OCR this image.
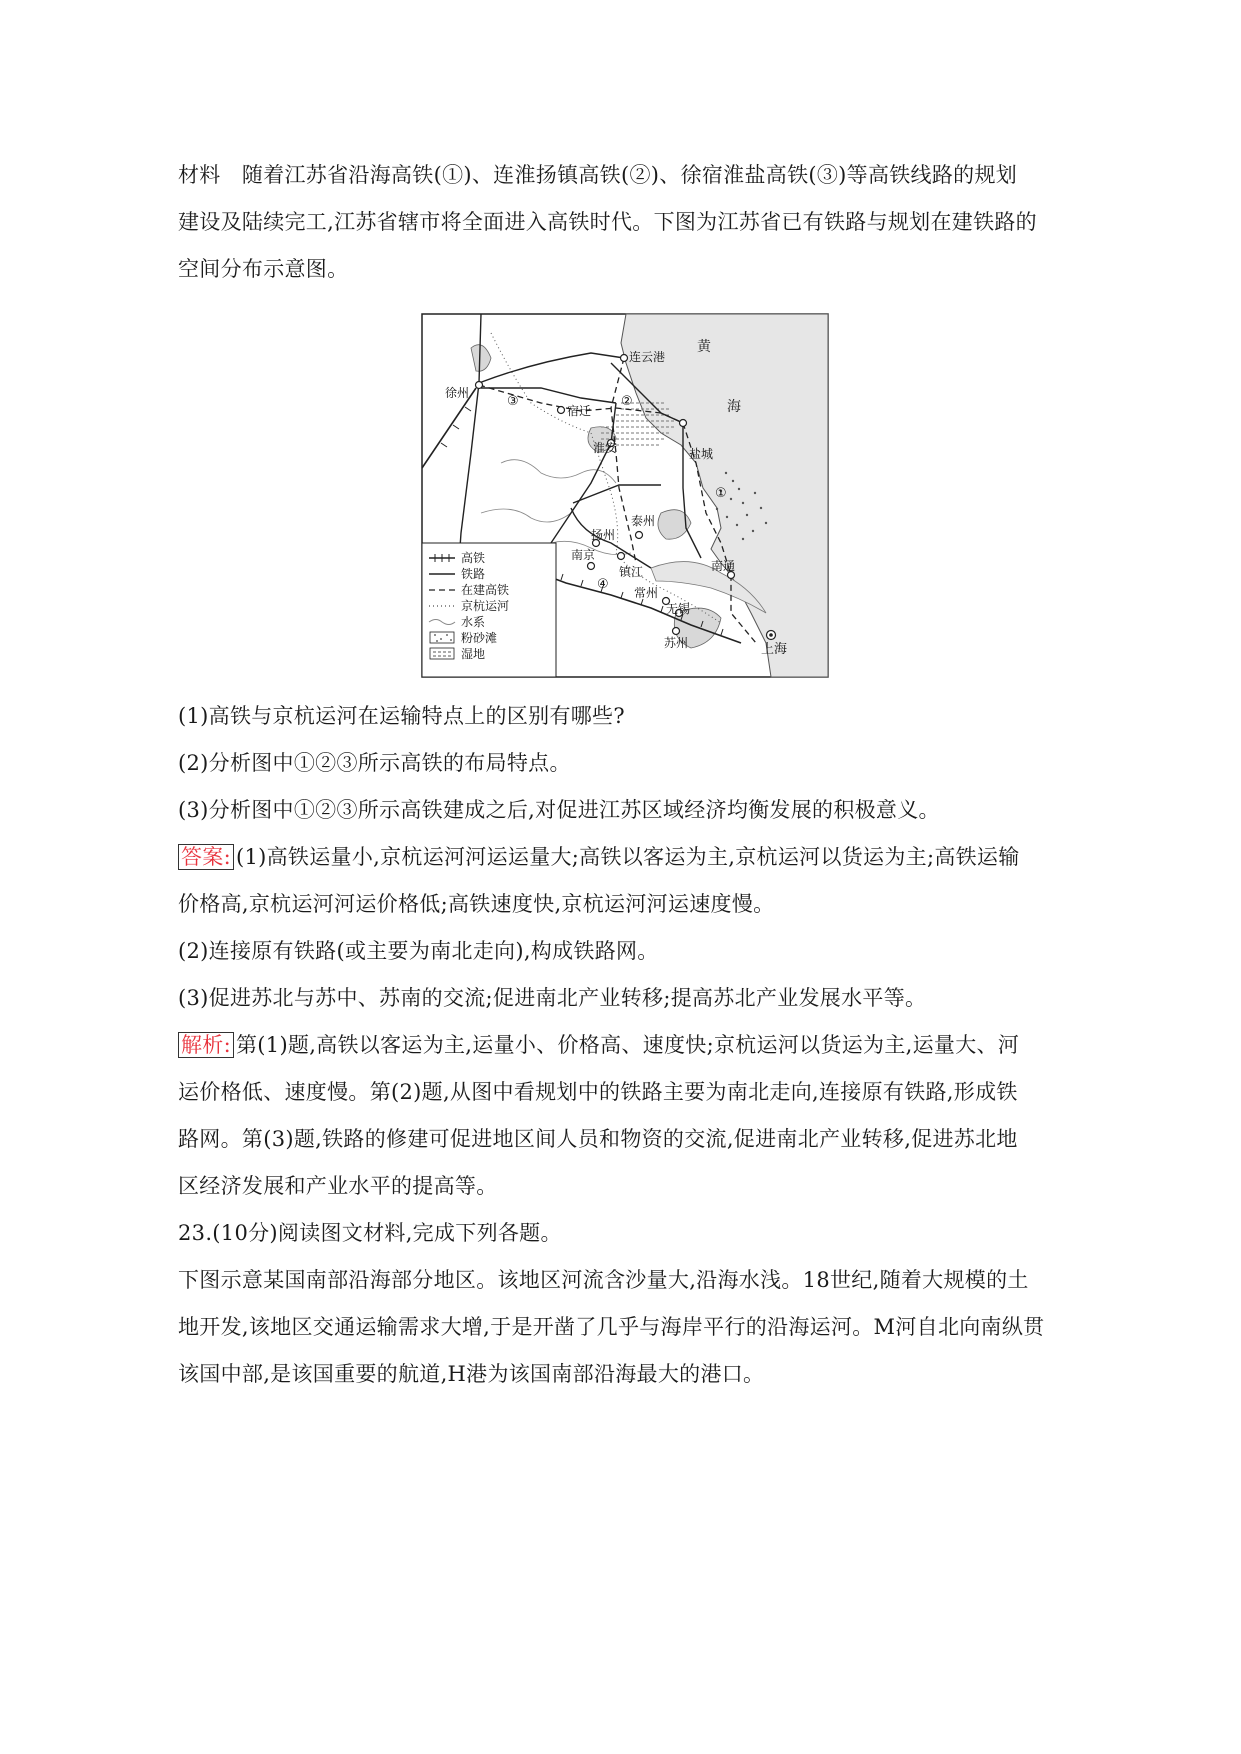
材料　随着江苏省沿海高铁(①)、连淮扬镇高铁(②)、徐宿淮盐高铁(③)等高铁线路的规划
建设及陆续完工,江苏省辖市将全面进入高铁时代。下图为江苏省已有铁路与规划在建铁路的
空间分布示意图。
黄
海
连云港
徐州
宿迁
淮安	盐城
扬州
泰州
南京
镇江
常州
无锡
南通
苏州	上海
①
②
③
④
高铁
铁路
在建高铁
京杭运河
水系
粉砂滩
湿地
(1)高铁与京杭运河在运输特点上的区别有哪些?
(2)分析图中①②③所示高铁的布局特点。
(3)分析图中①②③所示高铁建成之后,对促进江苏区域经济均衡发展的积极意义。
答案: (1)高铁运量小,京杭运河河运运量大;高铁以客运为主,京杭运河以货运为主;高铁运输
价格高,京杭运河河运价格低;高铁速度快,京杭运河河运速度慢。
(2)连接原有铁路(或主要为南北走向),构成铁路网。
(3)促进苏北与苏中、苏南的交流;促进南北产业转移;提高苏北产业发展水平等。
解析: 第(1)题,高铁以客运为主,运量小、价格高、速度快;京杭运河以货运为主,运量大、河
运价格低、速度慢。第(2)题,从图中看规划中的铁路主要为南北走向,连接原有铁路,形成铁
路网。第(3)题,铁路的修建可促进地区间人员和物资的交流,促进南北产业转移,促进苏北地
区经济发展和产业水平的提高等。
23.(10分)阅读图文材料,完成下列各题。
下图示意某国南部沿海部分地区。该地区河流含沙量大,沿海水浅。18世纪,随着大规模的土
地开发,该地区交通运输需求大增,于是开凿了几乎与海岸平行的沿海运河。M河自北向南纵贯
该国中部,是该国重要的航道,H港为该国南部沿海最大的港口。
